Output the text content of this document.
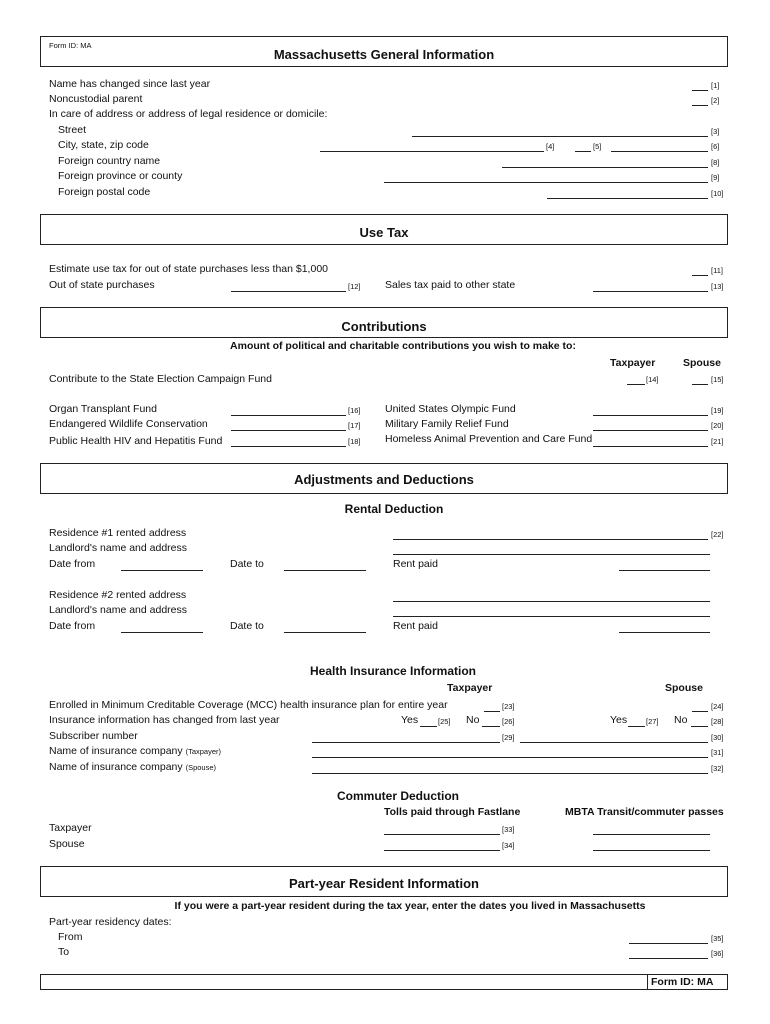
Form ID: MA
Massachusetts General Information
Name has changed since last year	[1]
Noncustodial parent	[2]
In care of address or address of legal residence or domicile:
Street	[3]
City, state, zip code	[4]	[5]	[6]
Foreign country name	[8]
Foreign province or county	[9]
Foreign postal code	[10]
Use Tax
Estimate use tax for out of state purchases less than $1,000	[11]
Out of state purchases	[12] Sales tax paid to other state	[13]
Contributions
Amount of political and charitable contributions you wish to make to:
Taxpayer	Spouse
Contribute to the State Election Campaign Fund	[14]	[15]
Organ Transplant Fund	[16] United States Olympic Fund	[19]
Endangered Wildlife Conservation	[17] Military Family Relief Fund	[20]
Public Health HIV and Hepatitis Fund	[18] Homeless Animal Prevention and Care Fund	[21]
Adjustments and Deductions
Rental Deduction
Residence #1 rented address	[22]
Landlord's name and address
Date from	Date to	Rent paid
Residence #2 rented address
Landlord's name and address
Date from	Date to	Rent paid
Health Insurance Information
Taxpayer	Spouse
Enrolled in Minimum Creditable Coverage (MCC) health insurance plan for entire year	[23]	[24]
Insurance information has changed from last year	Yes	[25] No	[26]	Yes	[27] No	[28]
Subscriber number	[29]	[30]
Name of insurance company (Taxpayer)	[31]
Name of insurance company (Spouse)	[32]
Commuter Deduction
Tolls paid through Fastlane	MBTA Transit/commuter passes
Taxpayer	[33]
Spouse	[34]
Part-year Resident Information
If you were a part-year resident during the tax year, enter the dates you lived in Massachusetts
Part-year residency dates:
From	[35]
To	[36]
Form ID: MA
